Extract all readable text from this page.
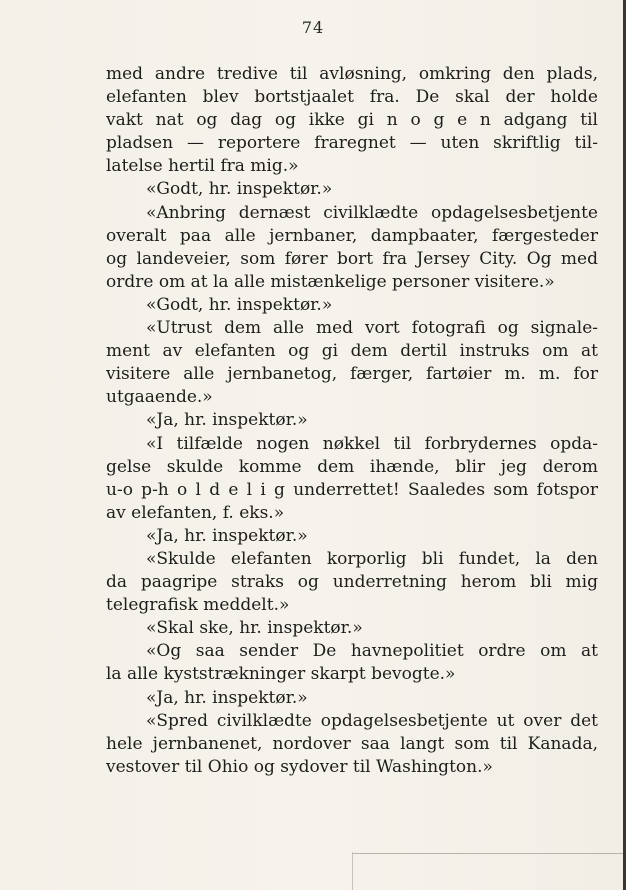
74
med andre tredive til avløsning, omkring den plads,
elefanten blev bortstjaalet fra. De skal der holde
vakt nat og dag og ikke gi n o g e n adgang til
pladsen — reportere fraregnet — uten skriftlig til-
latelse hertil fra mig.»
«Godt, hr. inspektør.»
«Anbring dernæst civilklædte opdagelsesbetjente
overalt paa alle jernbaner, dampbaater, færgesteder
og landeveier, som fører bort fra Jersey City. Og med
ordre om at la alle mistænkelige personer visitere.»
«Godt, hr. inspektør.»
«Utrust dem alle med vort fotografi og signale-
ment av elefanten og gi dem dertil instruks om at
visitere alle jernbanetog, færger, fartøier m. m. for
utgaaende.»
«Ja, hr. inspektør.»
«I tilfælde nogen nøkkel til forbrydernes opda-
gelse skulde komme dem ihænde, blir jeg derom
u-o p-h o l d e l i g underrettet! Saaledes som fotspor
av elefanten, f. eks.»
«Ja, hr. inspektør.»
«Skulde elefanten korporlig bli fundet, la den
da paagripe straks og underretning herom bli mig
telegrafisk meddelt.»
«Skal ske, hr. inspektør.»
«Og saa sender De havnepolitiet ordre om at
la alle kyststrækninger skarpt bevogte.»
«Ja, hr. inspektør.»
«Spred civilklædte opdagelsesbetjente ut over det
hele jernbanenet, nordover saa langt som til Kanada,
vestover til Ohio og sydover til Washington.»
